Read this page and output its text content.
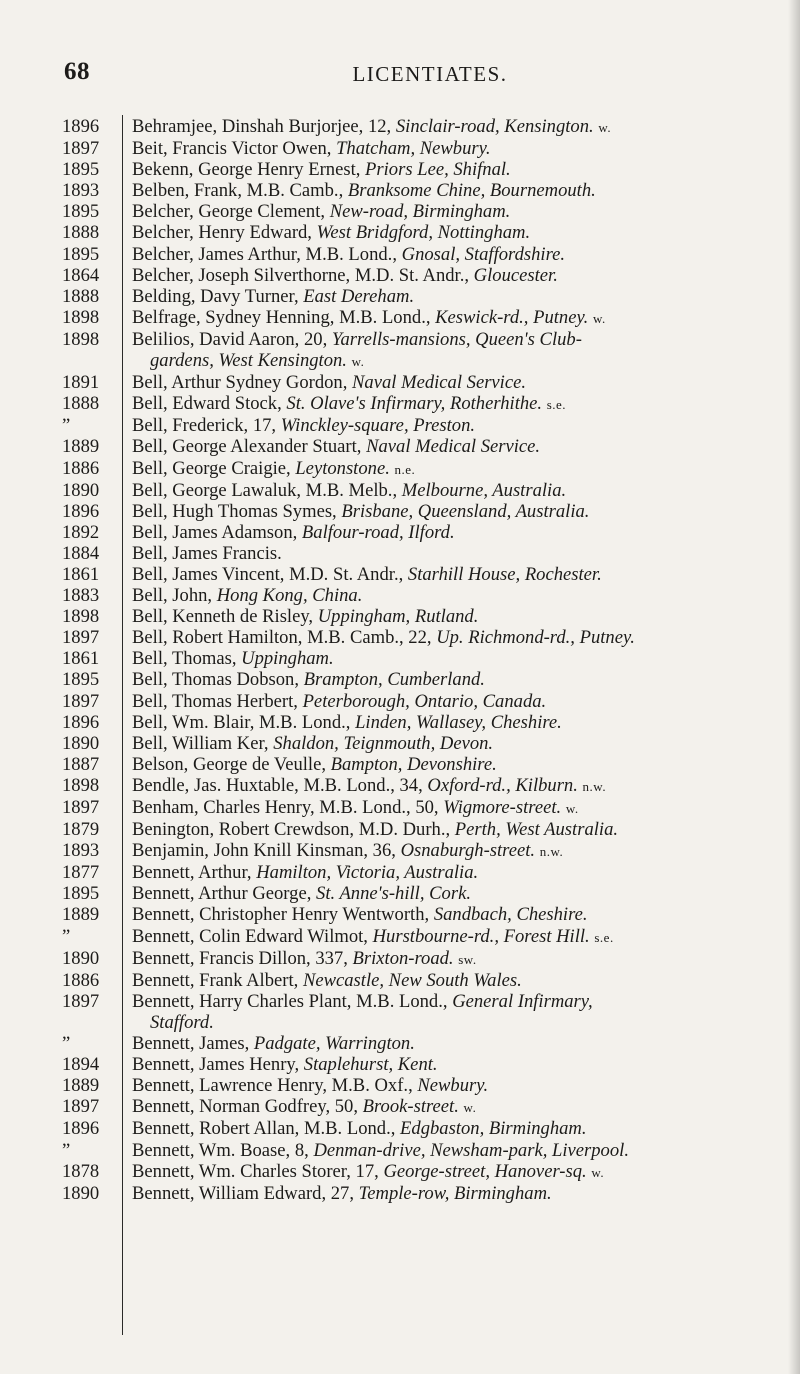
68	LICENTIATES.
1896	Behramjee, Dinshah Burjorjee, 12, Sinclair-road, Kensington. w.
1897	Beit, Francis Victor Owen, Thatcham, Newbury.
1895	Bekenn, George Henry Ernest, Priors Lee, Shifnal.
1893	Belben, Frank, M.B. Camb., Branksome Chine, Bournemouth.
1895	Belcher, George Clement, New-road, Birmingham.
1888	Belcher, Henry Edward, West Bridgford, Nottingham.
1895	Belcher, James Arthur, M.B. Lond., Gnosal, Staffordshire.
1864	Belcher, Joseph Silverthorne, M.D. St. Andr., Gloucester.
1888	Belding, Davy Turner, East Dereham.
1898	Belfrage, Sydney Henning, M.B. Lond., Keswick-rd., Putney. w.
1898	Belilios, David Aaron, 20, Yarrells-mansions, Queen's Club-
gardens, West Kensington. w.
1891	Bell, Arthur Sydney Gordon, Naval Medical Service.
1888	Bell, Edward Stock, St. Olave's Infirmary, Rotherhithe. s.e.
”	Bell, Frederick, 17, Winckley-square, Preston.
1889	Bell, George Alexander Stuart, Naval Medical Service.
1886	Bell, George Craigie, Leytonstone. n.e.
1890	Bell, George Lawaluk, M.B. Melb., Melbourne, Australia.
1896	Bell, Hugh Thomas Symes, Brisbane, Queensland, Australia.
1892	Bell, James Adamson, Balfour-road, Ilford.
1884	Bell, James Francis.
1861	Bell, James Vincent, M.D. St. Andr., Starhill House, Rochester.
1883	Bell, John, Hong Kong, China.
1898	Bell, Kenneth de Risley, Uppingham, Rutland.
1897	Bell, Robert Hamilton, M.B. Camb., 22, Up. Richmond-rd., Putney.
1861	Bell, Thomas, Uppingham.
1895	Bell, Thomas Dobson, Brampton, Cumberland.
1897	Bell, Thomas Herbert, Peterborough, Ontario, Canada.
1896	Bell, Wm. Blair, M.B. Lond., Linden, Wallasey, Cheshire.
1890	Bell, William Ker, Shaldon, Teignmouth, Devon.
1887	Belson, George de Veulle, Bampton, Devonshire.
1898	Bendle, Jas. Huxtable, M.B. Lond., 34, Oxford-rd., Kilburn. n.w.
1897	Benham, Charles Henry, M.B. Lond., 50, Wigmore-street. w.
1879	Benington, Robert Crewdson, M.D. Durh., Perth, West Australia.
1893	Benjamin, John Knill Kinsman, 36, Osnaburgh-street. n.w.
1877	Bennett, Arthur, Hamilton, Victoria, Australia.
1895	Bennett, Arthur George, St. Anne's-hill, Cork.
1889	Bennett, Christopher Henry Wentworth, Sandbach, Cheshire.
”	Bennett, Colin Edward Wilmot, Hurstbourne-rd., Forest Hill. s.e.
1890	Bennett, Francis Dillon, 337, Brixton-road. sw.
1886	Bennett, Frank Albert, Newcastle, New South Wales.
1897	Bennett, Harry Charles Plant, M.B. Lond., General Infirmary,
Stafford.
”	Bennett, James, Padgate, Warrington.
1894	Bennett, James Henry, Staplehurst, Kent.
1889	Bennett, Lawrence Henry, M.B. Oxf., Newbury.
1897	Bennett, Norman Godfrey, 50, Brook-street. w.
1896	Bennett, Robert Allan, M.B. Lond., Edgbaston, Birmingham.
”	Bennett, Wm. Boase, 8, Denman-drive, Newsham-park, Liverpool.
1878	Bennett, Wm. Charles Storer, 17, George-street, Hanover-sq. w.
1890	Bennett, William Edward, 27, Temple-row, Birmingham.
